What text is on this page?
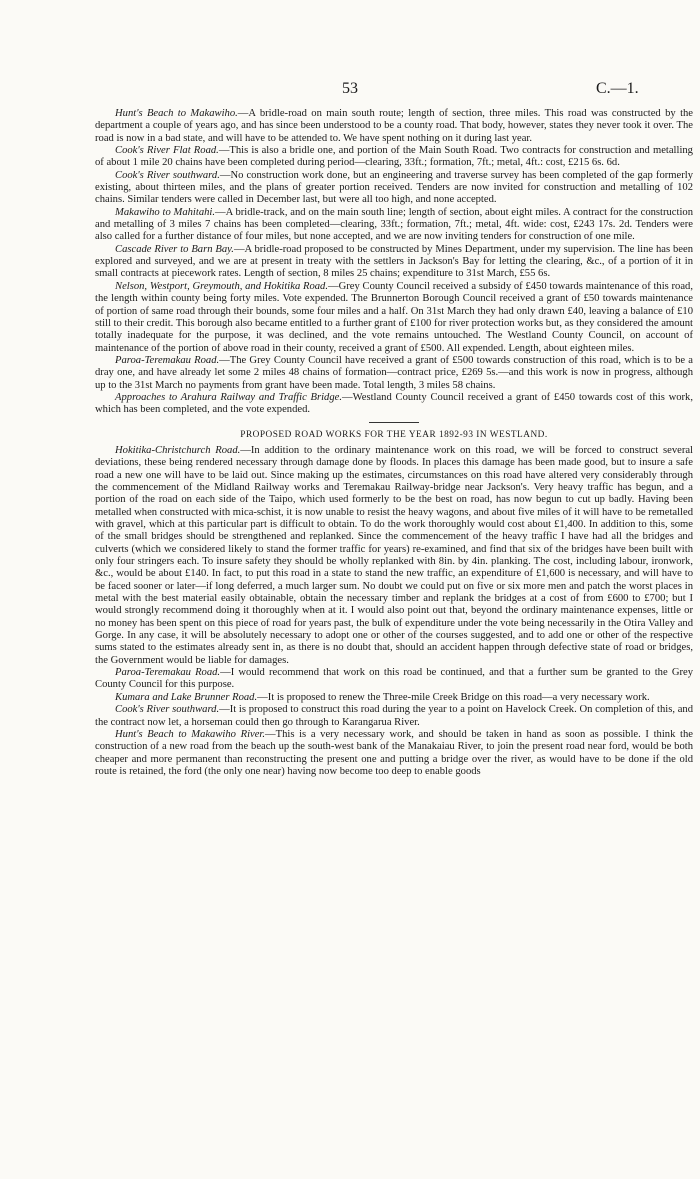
53	C.—1.

Hunt's Beach to Makawiho.—A bridle-road on main south route; length of section, three miles. This road was constructed by the department a couple of years ago, and has since been understood to be a county road. That body, however, states they never took it over. The road is now in a bad state, and will have to be attended to. We have spent nothing on it during last year.

Cook's River Flat Road.—This is also a bridle one, and portion of the Main South Road. Two contracts for construction and metalling of about 1 mile 20 chains have been completed during period—clearing, 33ft.; formation, 7ft.; metal, 4ft.: cost, £215 6s. 6d.

Cook's River southward.—No construction work done, but an engineering and traverse survey has been completed of the gap formerly existing, about thirteen miles, and the plans of greater portion received. Tenders are now invited for construction and metalling of 102 chains. Similar tenders were called in December last, but were all too high, and none accepted.

Makawiho to Mahitahi.—A bridle-track, and on the main south line; length of section, about eight miles. A contract for the construction and metalling of 3 miles 7 chains has been completed—clearing, 33ft.; formation, 7ft.; metal, 4ft. wide: cost, £243 17s. 2d. Tenders were also called for a further distance of four miles, but none accepted, and we are now inviting tenders for construction of one mile.

Cascade River to Barn Bay.—A bridle-road proposed to be constructed by Mines Department, under my supervision. The line has been explored and surveyed, and we are at present in treaty with the settlers in Jackson's Bay for letting the clearing, &c., of a portion of it in small contracts at piecework rates. Length of section, 8 miles 25 chains; expenditure to 31st March, £55 6s.

Nelson, Westport, Greymouth, and Hokitika Road.—Grey County Council received a subsidy of £450 towards maintenance of this road, the length within county being forty miles. Vote expended. The Brunnerton Borough Council received a grant of £50 towards maintenance of portion of same road through their bounds, some four miles and a half. On 31st March they had only drawn £40, leaving a balance of £10 still to their credit. This borough also became entitled to a further grant of £100 for river protection works but, as they considered the amount totally inadequate for the purpose, it was declined, and the vote remains untouched. The Westland County Council, on account of maintenance of the portion of above road in their county, received a grant of £500. All expended. Length, about eighteen miles.

Paroa-Teremakau Road.—The Grey County Council have received a grant of £500 towards construction of this road, which is to be a dray one, and have already let some 2 miles 48 chains of formation—contract price, £269 5s.—and this work is now in progress, although up to the 31st March no payments from grant have been made. Total length, 3 miles 58 chains.

Approaches to Arahura Railway and Traffic Bridge.—Westland County Council received a grant of £450 towards cost of this work, which has been completed, and the vote expended.

PROPOSED ROAD WORKS FOR THE YEAR 1892-93 IN WESTLAND.

Hokitika-Christchurch Road.—In addition to the ordinary maintenance work on this road, we will be forced to construct several deviations, these being rendered necessary through damage done by floods. In places this damage has been made good, but to insure a safe road a new one will have to be laid out. Since making up the estimates, circumstances on this road have altered very considerably through the commencement of the Midland Railway works and Teremakau Railway-bridge near Jackson's. Very heavy traffic has begun, and a portion of the road on each side of the Taipo, which used formerly to be the best on road, has now begun to cut up badly. Having been metalled when constructed with mica-schist, it is now unable to resist the heavy wagons, and about five miles of it will have to be remetalled with gravel, which at this particular part is difficult to obtain. To do the work thoroughly would cost about £1,400. In addition to this, some of the small bridges should be strengthened and replanked. Since the commencement of the heavy traffic I have had all the bridges and culverts (which we considered likely to stand the former traffic for years) re-examined, and find that six of the bridges have been built with only four stringers each. To insure safety they should be wholly replanked with 8in. by 4in. planking. The cost, including labour, ironwork, &c., would be about £140. In fact, to put this road in a state to stand the new traffic, an expenditure of £1,600 is necessary, and will have to be faced sooner or later—if long deferred, a much larger sum. No doubt we could put on five or six more men and patch the worst places in metal with the best material easily obtainable, obtain the necessary timber and replank the bridges at a cost of from £600 to £700; but I would strongly recommend doing it thoroughly when at it. I would also point out that, beyond the ordinary maintenance expenses, little or no money has been spent on this piece of road for years past, the bulk of expenditure under the vote being necessarily in the Otira Valley and Gorge. In any case, it will be absolutely necessary to adopt one or other of the courses suggested, and to add one or other of the respective sums stated to the estimates already sent in, as there is no doubt that, should an accident happen through defective state of road or bridges, the Government would be liable for damages.

Paroa-Teremakau Road.—I would recommend that work on this road be continued, and that a further sum be granted to the Grey County Council for this purpose.

Kumara and Lake Brunner Road.—It is proposed to renew the Three-mile Creek Bridge on this road—a very necessary work.

Cook's River southward.—It is proposed to construct this road during the year to a point on Havelock Creek. On completion of this, and the contract now let, a horseman could then go through to Karangarua River.

Hunt's Beach to Makawiho River.—This is a very necessary work, and should be taken in hand as soon as possible. I think the construction of a new road from the beach up the south-west bank of the Manakaiau River, to join the present road near ford, would be both cheaper and more permanent than reconstructing the present one and putting a bridge over the river, as would have to be done if the old route is retained, the ford (the only one near) having now become too deep to enable goods
